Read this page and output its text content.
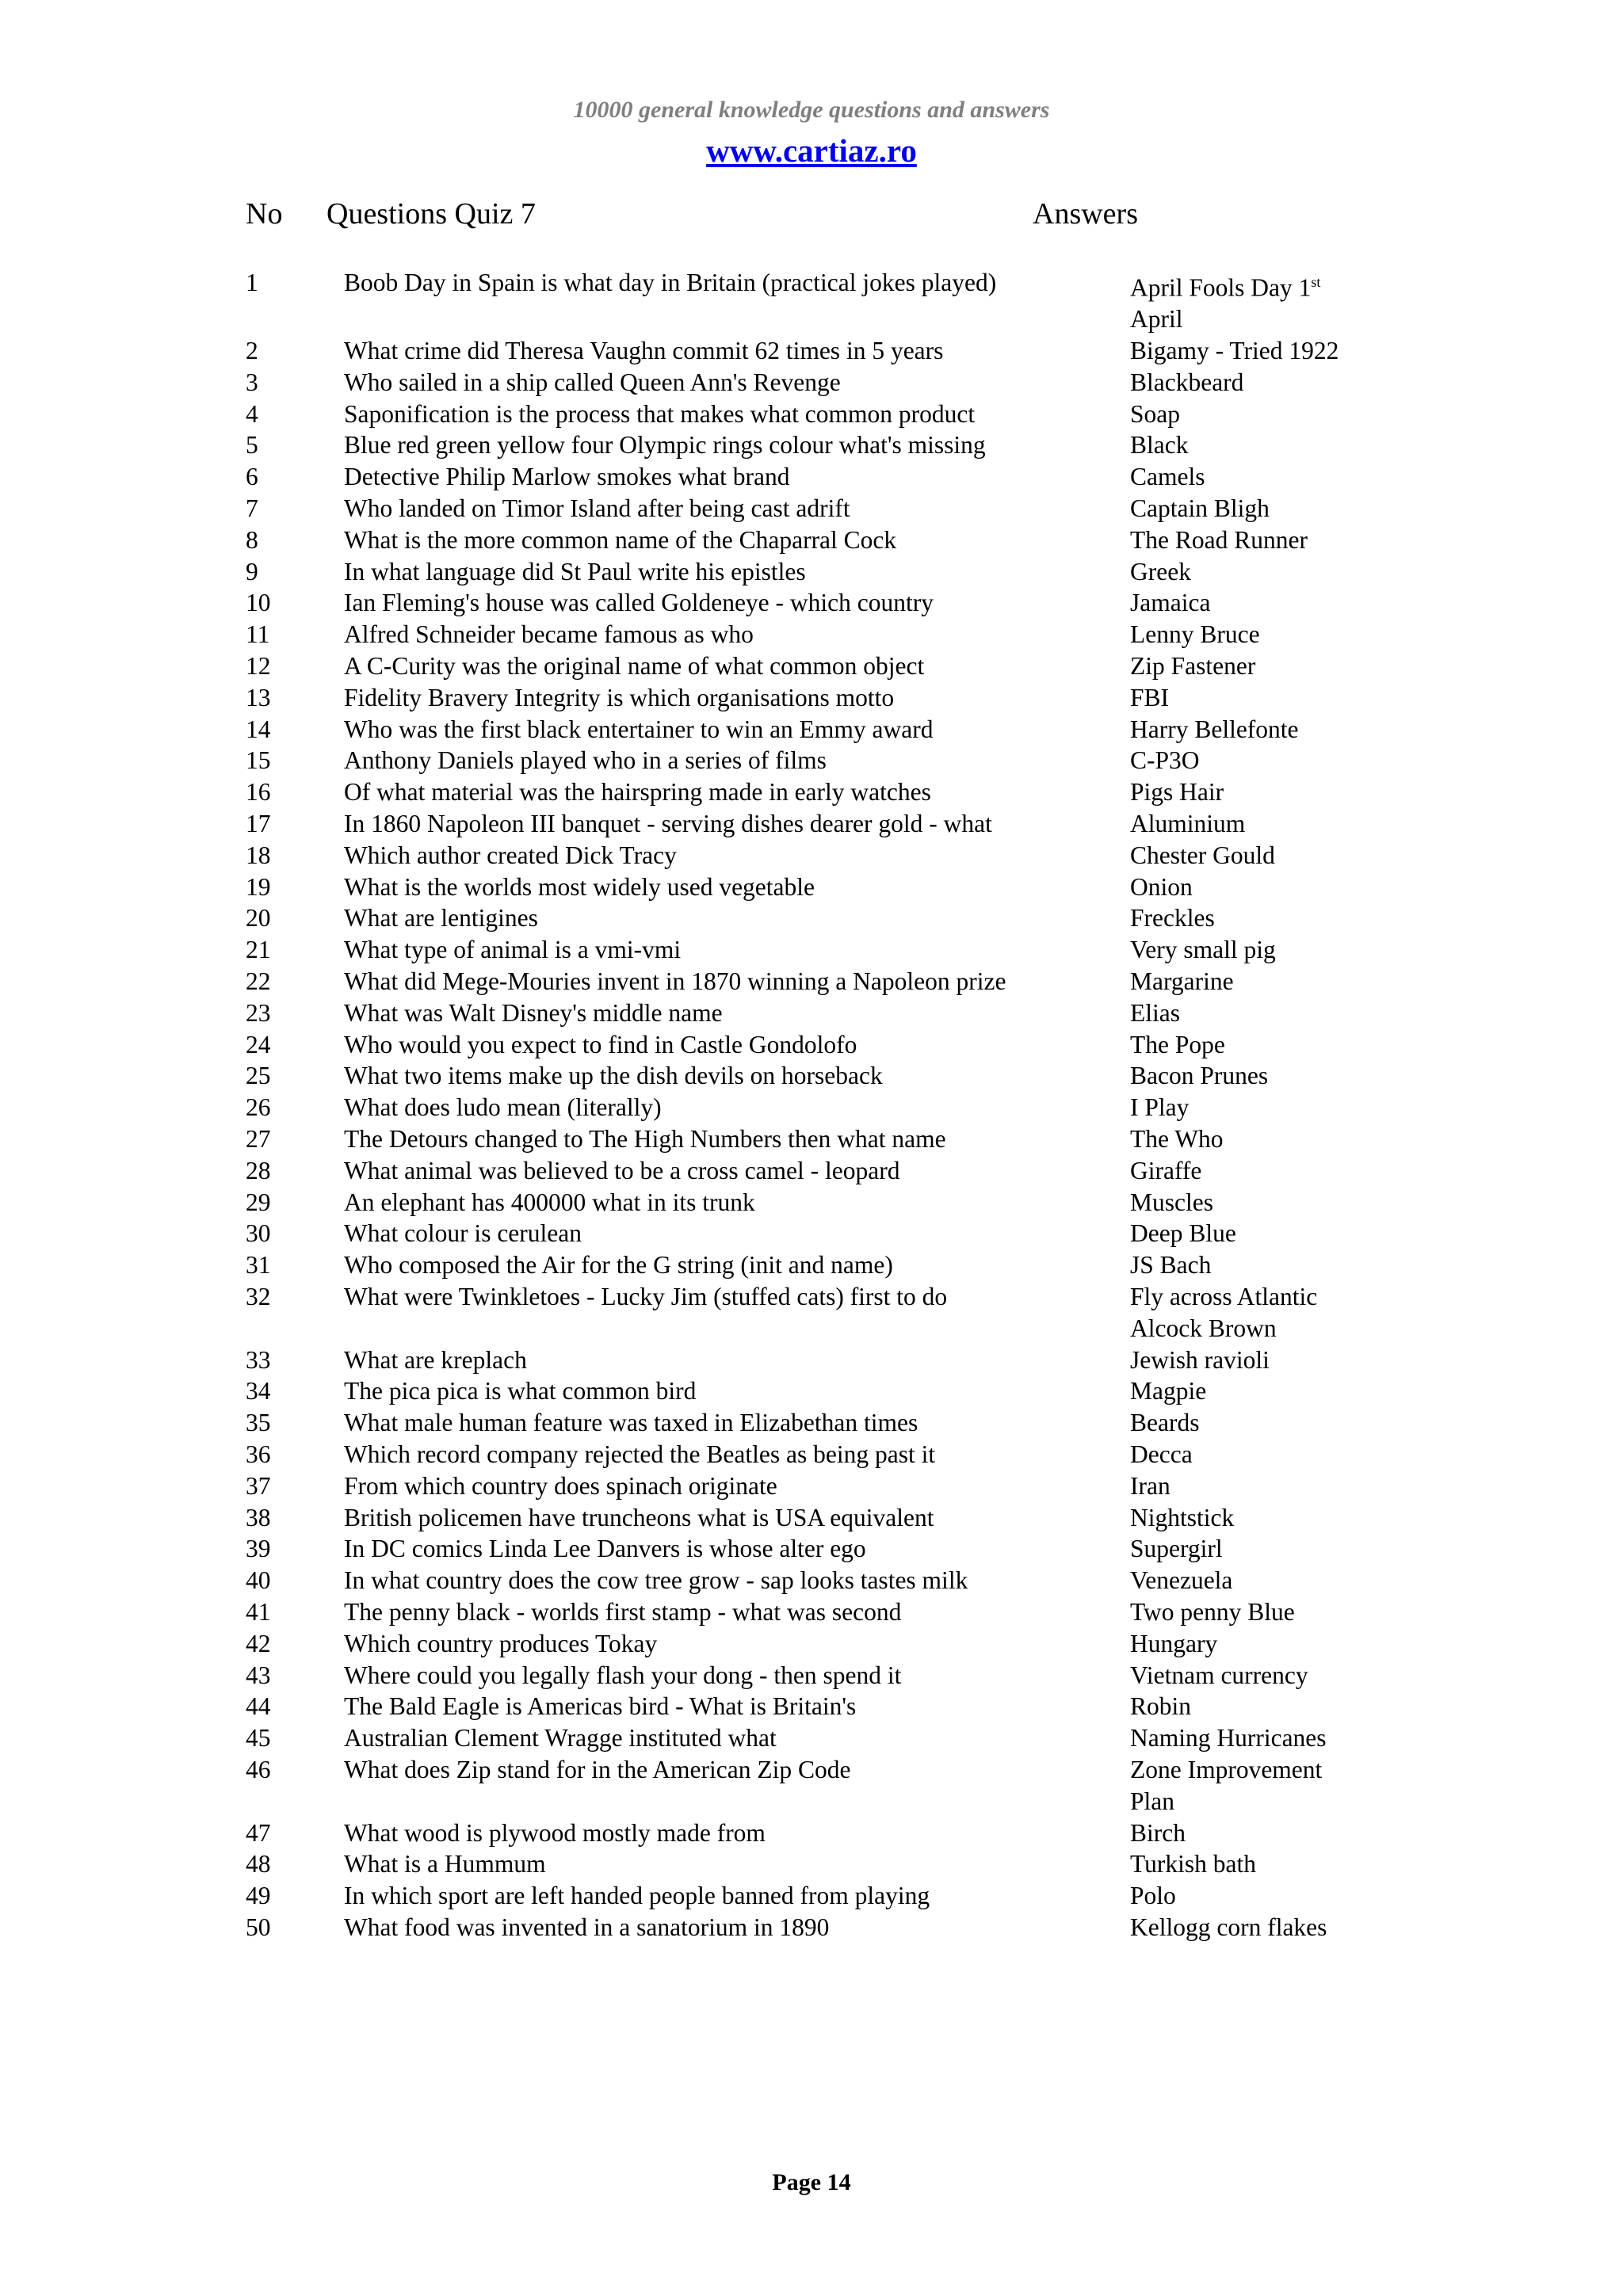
10000 general knowledge questions and answers
www.cartiaz.ro
No Questions Quiz 7	Answers
1	Boob Day in Spain is what day in Britain (practical jokes played)	April Fools Day 1st
April
2	What crime did Theresa Vaughn commit 62 times in 5 years	Bigamy - Tried 1922
3	Who sailed in a ship called Queen Ann's Revenge	Blackbeard
4	Saponification is the process that makes what common product	Soap
5	Blue red green yellow four Olympic rings colour what's missing	Black
6	Detective Philip Marlow smokes what brand	Camels
7	Who landed on Timor Island after being cast adrift	Captain Bligh
8	What is the more common name of the Chaparral Cock	The Road Runner
9	In what language did St Paul write his epistles	Greek
10	Ian Fleming's house was called Goldeneye - which country	Jamaica
11	Alfred Schneider became famous as who	Lenny Bruce
12	A C-Curity was the original name of what common object	Zip Fastener
13	Fidelity Bravery Integrity is which organisations motto	FBI
14	Who was the first black entertainer to win an Emmy award	Harry Bellefonte
15	Anthony Daniels played who in a series of films	C-P3O
16	Of what material was the hairspring made in early watches	Pigs Hair
17	In 1860 Napoleon III banquet - serving dishes dearer gold - what	Aluminium
18	Which author created Dick Tracy	Chester Gould
19	What is the worlds most widely used vegetable	Onion
20	What are lentigines	Freckles
21	What type of animal is a vmi-vmi	Very small pig
22	What did Mege-Mouries invent in 1870 winning a Napoleon prize	Margarine
23	What was Walt Disney's middle name	Elias
24	Who would you expect to find in Castle Gondolofo	The Pope
25	What two items make up the dish devils on horseback	Bacon Prunes
26	What does ludo mean (literally)	I Play
27	The Detours changed to The High Numbers then what name	The Who
28	What animal was believed to be a cross camel - leopard	Giraffe
29	An elephant has 400000 what in its trunk	Muscles
30	What colour is cerulean	Deep Blue
31	Who composed the Air for the G string (init and name)	JS Bach
32	What were Twinkletoes - Lucky Jim (stuffed cats) first to do	Fly across Atlantic
Alcock Brown
33	What are kreplach	Jewish ravioli
34	The pica pica is what common bird	Magpie
35	What male human feature was taxed in Elizabethan times	Beards
36	Which record company rejected the Beatles as being past it	Decca
37	From which country does spinach originate	Iran
38	British policemen have truncheons what is USA equivalent	Nightstick
39	In DC comics Linda Lee Danvers is whose alter ego	Supergirl
40	In what country does the cow tree grow - sap looks tastes milk	Venezuela
41	The penny black - worlds first stamp - what was second	Two penny Blue
42	Which country produces Tokay	Hungary
43	Where could you legally flash your dong - then spend it	Vietnam currency
44	The Bald Eagle is Americas bird - What is Britain's	Robin
45	Australian Clement Wragge instituted what	Naming Hurricanes
46	What does Zip stand for in the American Zip Code	Zone Improvement
Plan
47	What wood is plywood mostly made from	Birch
48	What is a Hummum	Turkish bath
49	In which sport are left handed people banned from playing	Polo
50	What food was invented in a sanatorium in 1890	Kellogg corn flakes
Page 14
